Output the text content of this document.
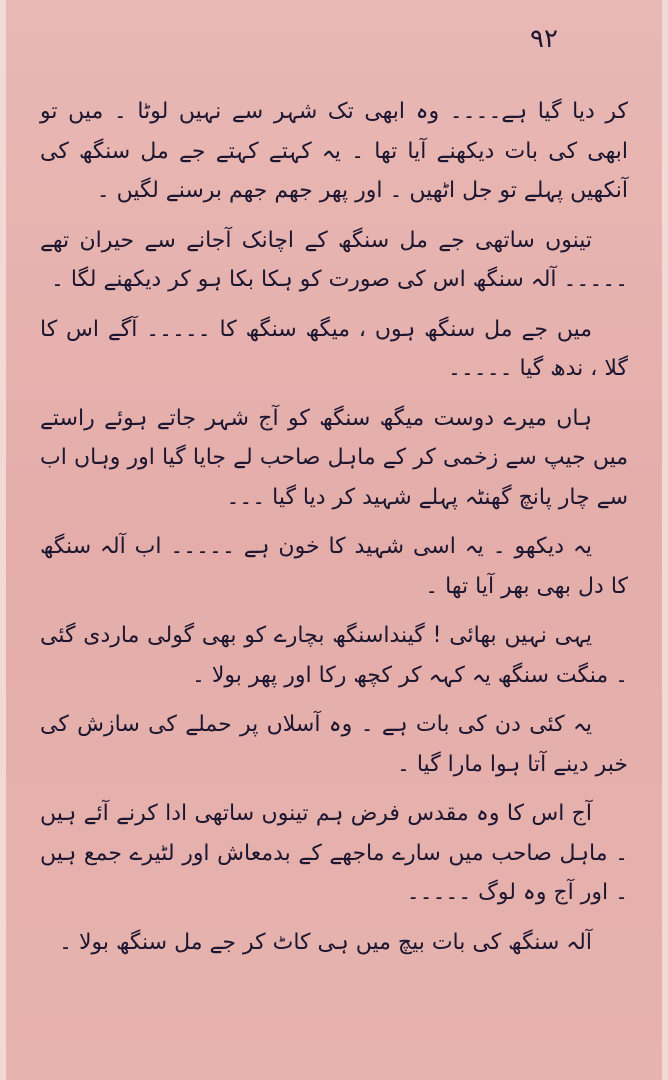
۹۲

کر دیا گیا ہے۔۔۔۔ وہ ابھی تک شہر سے نہیں لوٹا ۔ میں تو ابھی کی بات دیکھنے آیا تھا ۔ یہ کہتے کہتے جے مل سنگھ کی آنکھیں پہلے تو جل اٹھیں ۔ اور پھر جھم جھم برسنے لگیں ۔

تینوں ساتھی جے مل سنگھ کے اچانک آجانے سے حیران تھے ۔۔۔۔۔ آلہ سنگھ اس کی صورت کو ہکا بکا ہو کر دیکھنے لگا ۔

میں جے مل سنگھ ہوں ، میگھ سنگھ کا ۔۔۔۔۔ آگے اس کا گلا ، ندھ گیا ۔۔۔۔۔

ہاں میرے دوست میگھ سنگھ کو آج شہر جاتے ہوئے راستے میں جیپ سے زخمی کر کے ماہل صاحب لے جایا گیا اور وہاں اب سے چار پانچ گھنٹہ پہلے شہید کر دیا گیا ۔۔۔

یہ دیکھو ۔ یہ اسی شہید کا خون ہے ۔۔۔۔۔ اب آلہ سنگھ کا دل بھی بھر آیا تھا ۔

یہی نہیں بھائی ! گینداسنگھ بچارے کو بھی گولی ماردی گئی ۔ منگت سنگھ یہ کہہ کر کچھ رکا اور پھر بولا ۔

یہ کئی دن کی بات ہے ۔ وہ آسلاں پر حملے کی سازش کی خبر دینے آتا ہوا مارا گیا ۔

آج اس کا وہ مقدس فرض ہم تینوں ساتھی ادا کرنے آئے ہیں ۔ ماہل صاحب میں سارے ماجھے کے بدمعاش اور لٹیرے جمع ہیں ۔ اور آج وہ لوگ ۔۔۔۔۔

آلہ سنگھ کی بات بیچ میں ہی کاٹ کر جے مل سنگھ بولا ۔
